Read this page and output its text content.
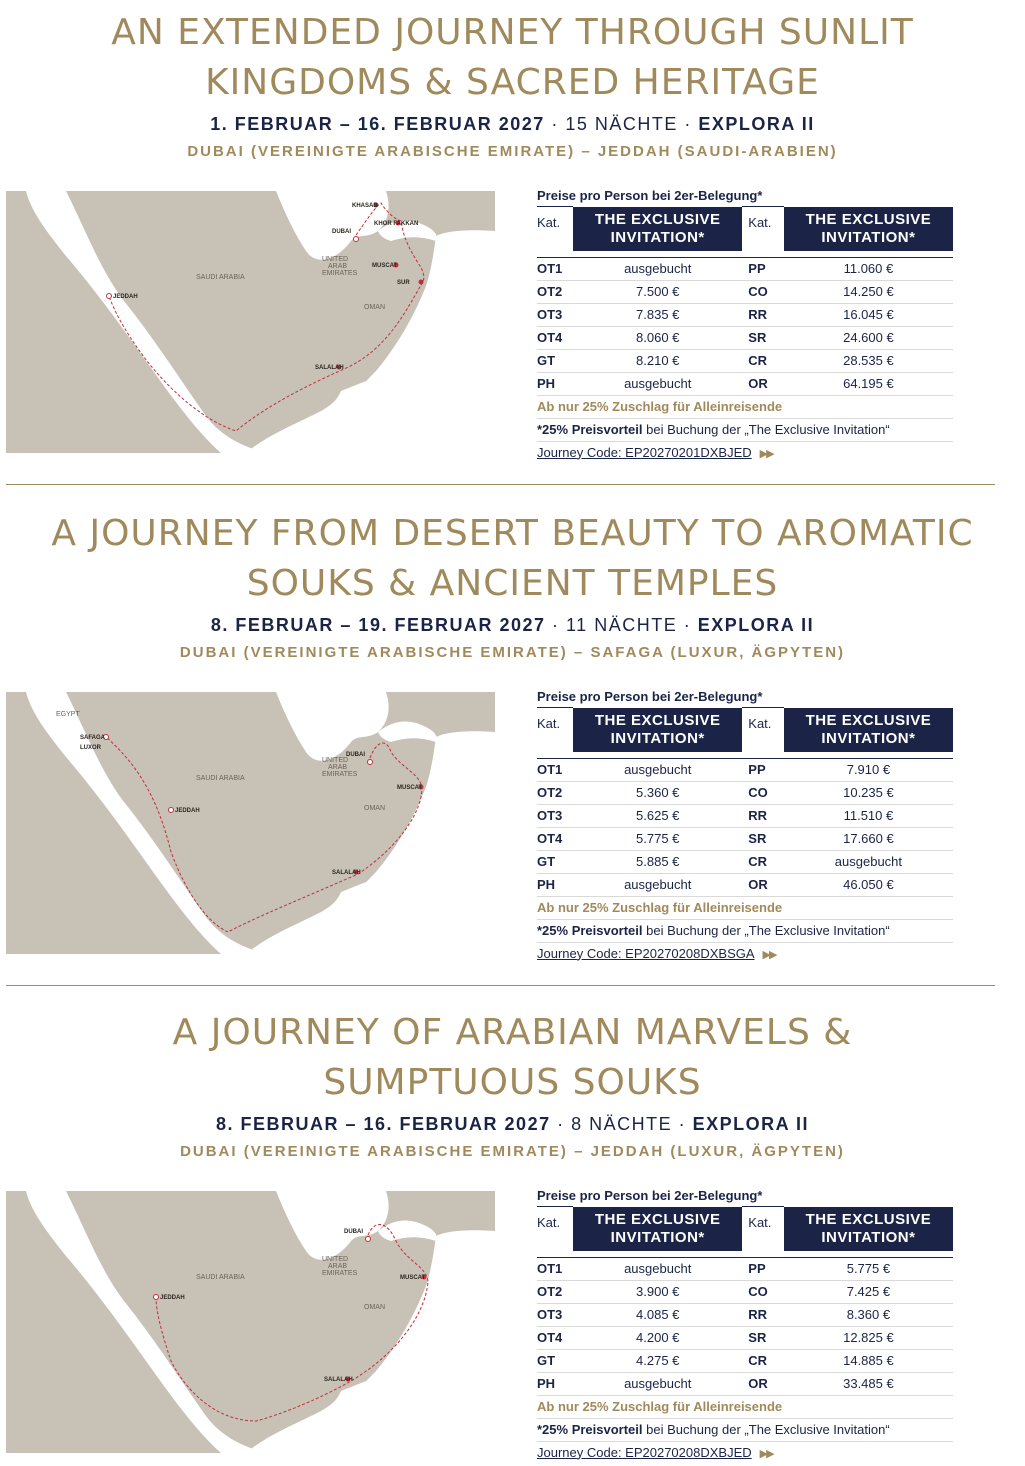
AN EXTENDED JOURNEY THROUGH SUNLIT
KINGDOMS & SACRED HERITAGE
1. FEBRUAR – 16. FEBRUAR 2027 · 15 NÄCHTE · EXPLORA II
DUBAI (VEREINIGTE ARABISCHE EMIRATE) – JEDDAH (SAUDI-ARABIEN)
SAUDI ARABIA
UNITED
ARAB
EMIRATES
OMAN
KHASAB
KHOR FAKKAN
DUBAI
MUSCAT
SUR
SALALAH
JEDDAH
Preise pro Person bei 2er-Belegung*
Kat.	THE EXCLUSIVE INVITATION*	Kat.	THE EXCLUSIVE INVITATION*

OT1	ausgebucht	PP	11.060 €
OT2	7.500 €	CO	14.250 €
OT3	7.835 €	RR	16.045 €
OT4	8.060 €	SR	24.600 €
GT	8.210 €	CR	28.535 €
PH	ausgebucht	OR	64.195 €
Ab nur 25% Zuschlag für Alleinreisende
*25% Preisvorteil bei Buchung der „The Exclusive Invitation“
Journey Code: EP20270201DXBJED ▶▶
A JOURNEY FROM DESERT BEAUTY TO AROMATIC
SOUKS & ANCIENT TEMPLES
8. FEBRUAR – 19. FEBRUAR 2027 · 11 NÄCHTE · EXPLORA II
DUBAI (VEREINIGTE ARABISCHE EMIRATE) – SAFAGA (LUXUR, ÄGPYTEN)
SAUDI ARABIA
UNITED
ARAB
EMIRATES
OMAN
EGYPT
DUBAI
MUSCAT
SALALAH
JEDDAH
SAFAGA
LUXOR
Preise pro Person bei 2er-Belegung*
Kat.	THE EXCLUSIVE INVITATION*	Kat.	THE EXCLUSIVE INVITATION*

OT1	ausgebucht	PP	7.910 €
OT2	5.360 €	CO	10.235 €
OT3	5.625 €	RR	11.510 €
OT4	5.775 €	SR	17.660 €
GT	5.885 €	CR	ausgebucht
PH	ausgebucht	OR	46.050 €
Ab nur 25% Zuschlag für Alleinreisende
*25% Preisvorteil bei Buchung der „The Exclusive Invitation“
Journey Code: EP20270208DXBSGA ▶▶
A JOURNEY OF ARABIAN MARVELS &
SUMPTUOUS SOUKS
8. FEBRUAR – 16. FEBRUAR 2027 · 8 NÄCHTE · EXPLORA II
DUBAI (VEREINIGTE ARABISCHE EMIRATE) – JEDDAH (LUXUR, ÄGPYTEN)
SAUDI ARABIA
UNITED
ARAB
EMIRATES
OMAN
DUBAI
MUSCAT
SALALAH
JEDDAH
Preise pro Person bei 2er-Belegung*
Kat.	THE EXCLUSIVE INVITATION*	Kat.	THE EXCLUSIVE INVITATION*

OT1	ausgebucht	PP	5.775 €
OT2	3.900 €	CO	7.425 €
OT3	4.085 €	RR	8.360 €
OT4	4.200 €	SR	12.825 €
GT	4.275 €	CR	14.885 €
PH	ausgebucht	OR	33.485 €
Ab nur 25% Zuschlag für Alleinreisende
*25% Preisvorteil bei Buchung der „The Exclusive Invitation“
Journey Code: EP20270208DXBJED ▶▶
